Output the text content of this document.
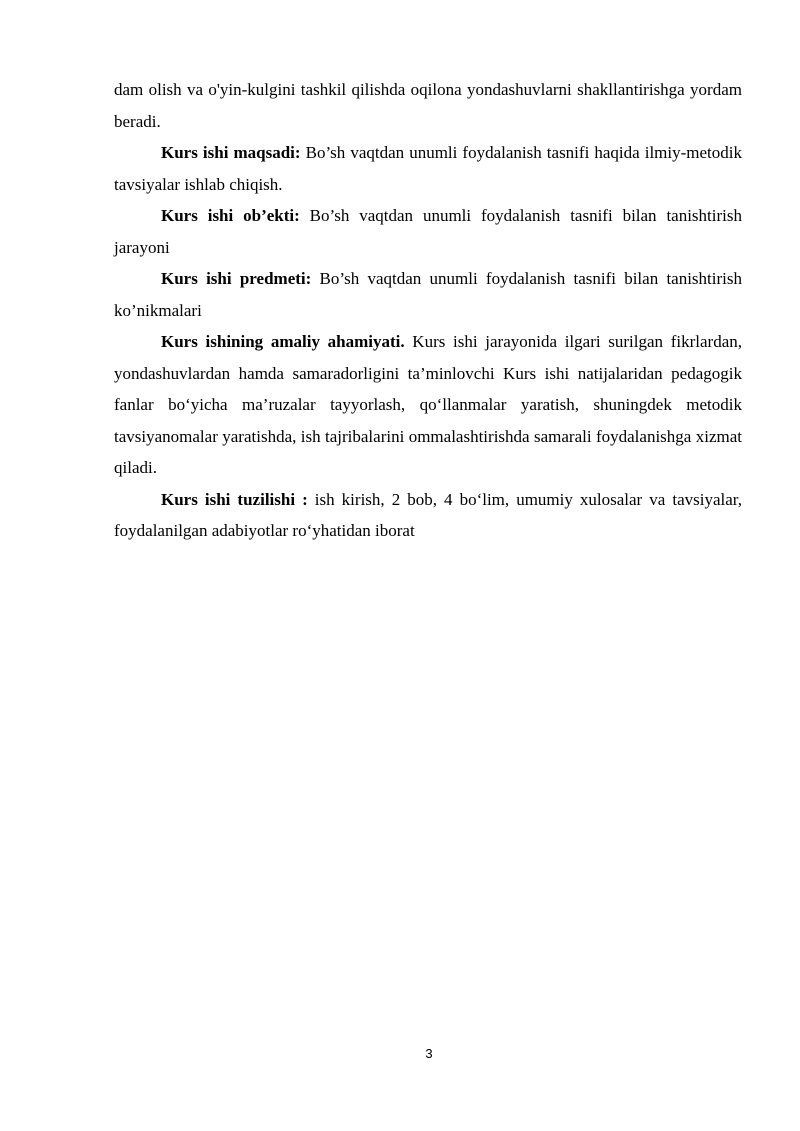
dam olish va o'yin-kulgini tashkil qilishda oqilona yondashuvlarni shakllantirishga yordam beradi.

Kurs ishi maqsadi: Bo’sh vaqtdan unumli foydalanish tasnifi haqida ilmiy-metodik tavsiyalar ishlab chiqish.

Kurs ishi ob’ekti: Bo’sh vaqtdan unumli foydalanish tasnifi bilan tanishtirish jarayoni

Kurs ishi predmeti: Bo’sh vaqtdan unumli foydalanish tasnifi bilan tanishtirish ko’nikmalari

Kurs ishining amaliy ahamiyati. Kurs ishi jarayonida ilgari surilgan fikrlardan, yondashuvlardan hamda samaradorligini ta’minlovchi Kurs ishi natijalaridan pedagogik fanlar bo‘yicha ma’ruzalar tayyorlash, qo‘llanmalar yaratish, shuningdek metodik tavsiyanomalar yaratishda, ish tajribalarini ommalashtirishda samarali foydalanishga xizmat qiladi.

Kurs ishi tuzilishi : ish kirish, 2 bob, 4 bo‘lim, umumiy xulosalar va tavsiyalar, foydalanilgan adabiyotlar ro‘yhatidan iborat

3
